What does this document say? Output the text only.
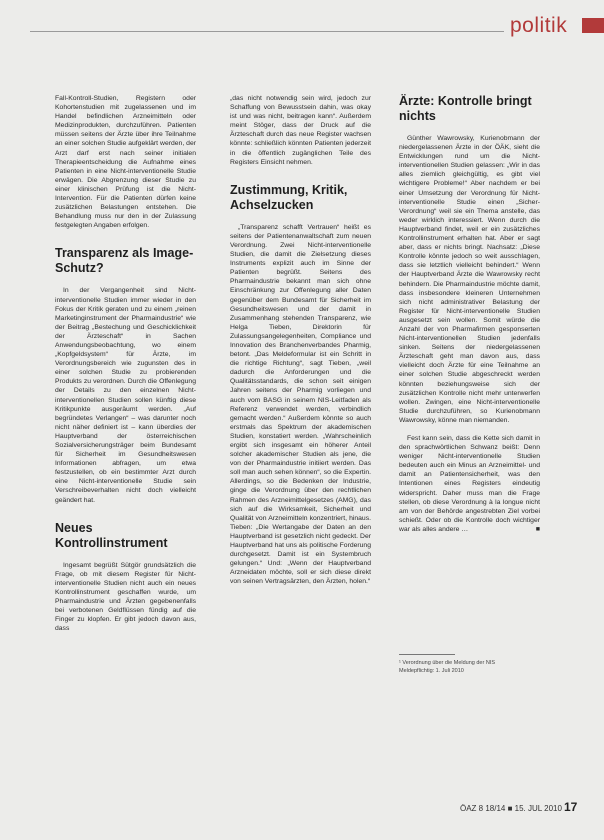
politik

Fall-Kontroll-Studien, Registern oder Kohortenstudien mit zugelassenen und im Handel befindlichen Arzneimitteln oder Medizinprodukten, durchzuführen. Patienten müssen seitens der Ärzte über ihre Teilnahme an einer solchen Studie aufgeklärt werden, der Arzt darf erst nach seiner initialen Therapieentscheidung die Aufnahme eines Patienten in eine Nicht-interventionelle Studie erwägen. Die Abgrenzung dieser Studie zu einer klinischen Prüfung ist die Nicht-Intervention. Für die Patienten dürfen keine zusätzlichen Belastungen entstehen. Die Behandlung muss nur den in der Zulassung festgelegten Angaben erfolgen.

Transparenz als Image-Schutz?

In der Vergangenheit sind Nicht-interventionelle Studien immer wieder in den Fokus der Kritik geraten und zu einem „reinen Marketinginstrument der Pharmaindustrie“ wie der Beitrag „Bestechung und Geschicklichkeit der Ärzteschaft“ in Sachen Anwendungsbeobachtung, wo einem „Kopfgeldsystem“ für Ärzte, im Verordnungsbereich wie zugunsten des in einer solchen Studie zu probierenden Produkts zu verordnen. Durch die Offenlegung der Details zu den einzelnen Nicht-interventionellen Studien sollen künftig diese Kritikpunkte ausgeräumt werden. „Auf begründetes Verlangen“ – was darunter noch nicht näher definiert ist – kann überdies der Hauptverband der österreichischen Sozialversicherungsträger beim Bundesamt für Sicherheit im Gesundheitswesen Informationen abfragen, um etwa festzustellen, ob ein bestimmter Arzt durch eine Nicht-interventionelle Studie sein Verschreibeverhalten nicht doch vielleicht geändert hat.

Neues Kontrollinstrument

Ingesamt begrüßt Sütgör grundsätzlich die Frage, ob mit diesem Register für Nicht-interventionelle Studien nicht auch ein neues Kontrollinstrument geschaffen wurde, um Pharmaindustrie und Ärzten gegebenenfalls bei verbotenen Geldflüssen fündig auf die Finger zu klopfen. Er gibt jedoch davon aus, dass

„das nicht notwendig sein wird, jedoch zur Schaffung von Bewusstsein dahin, was okay ist und was nicht, beitragen kann“. Außerdem meint Stöger, dass der Druck auf die Ärzteschaft durch das neue Register wachsen könnte: schließlich könnten Patienten jederzeit in die öffentlich zugänglichen Teile des Registers Einsicht nehmen.

Zustimmung, Kritik, Achselzucken

„Transparenz schafft Vertrauen“ heißt es seitens der Patientenanwaltschaft zum neuen Verordnung. Zwei Nicht-interventionelle Studien, die damit die Zielsetzung dieses Instruments explizit auch im Sinne der Patienten begrüßt. Seitens des Pharmaindustrie bekannt man sich ohne Einschränkung zur Offenlegung aller Daten gegenüber dem Bundesamt für Sicherheit im Gesundheitswesen und der damit in Zusammenhang stehenden Transparenz, wie Helga Tieben, Direktorin für Zulassungsangelegenheiten, Compliance und Innovation des Branchenverbandes Pharmig, betont. „Das Meldeformular ist ein Schritt in die richtige Richtung“, sagt Tieben, „weil dadurch die Anforderungen und die Qualitätsstandards, die schon seit einigen Jahren seitens der Pharmig vorliegen und auch vom BASG in seinem NIS-Leitfaden als Referenz verwendet werden, verbindlich gemacht werden.“ Außerdem könnte so auch erstmals das Spektrum der akademischen Studien, konstatiert werden. „Wahrscheinlich ergibt sich insgesamt ein höherer Anteil solcher akademischer Studien als jene, die von der Pharmaindustrie initiiert werden. Das soll man auch sehen können“, so die Expertin. Allerdings, so die Bedenken der Industrie, ginge die Verordnung über den rechtlichen Rahmen des Arzneimittelgesetzes (AMG), das sich auf die Wirksamkeit, Sicherheit und Qualität von Arzneimitteln konzentriert, hinaus. Tieben: „Die Wertangabe der Daten an den Hauptverband ist gesetzlich nicht gedeckt. Der Hauptverband hat uns als politische Forderung durchgesetzt. Damit ist ein Systembruch gelungen.“ Und: „Wenn der Hauptverband Arzneidaten möchte, soll er sich diese direkt von seinen Vertragsärzten, den Ärzten, holen.“

Ärzte: Kontrolle bringt nichts

Günther Wawrowsky, Kurienobmann der niedergelassenen Ärzte in der ÖÄK, sieht die Entwicklungen rund um die Nicht-interventionellen Studien gelassen: „Wir in das alles ziemlich gleichgültig, es gibt viel wichtigere Probleme!“ Aber nachdem er bei einer Umsetzung der Verordnung für Nicht-interventionelle Studie einen „Sicher-Verordnung“ weil sie ein Thema anstelle, das weder wirklich interessiert. Wenn durch die Hauptverband findet, weil er ein zusätzliches Kontrollinstrument erhalten hat. Aber er sagt aber, dass er nichts bringt. Nachsatz: „Diese Kontrolle könnte jedoch so weit ausschlagen, dass sie letztlich vielleicht behindert.“ Wenn der Hauptverband Ärzte die Wawrowsky recht behindern. Die Pharmaindustrie möchte damit, dass insbesondere kleineren Unternehmen sich nicht administrativer Belastung der Register für Nicht-interventionelle Studien ausgesetzt sein wollen. Somit würde die Anzahl der von Pharmafirmen gesponserten Nicht-interventionellen Studien jedenfalls sinken. Seitens der niedergelassenen Ärzteschaft geht man davon aus, dass vielleicht doch Ärzte für eine Teilnahme an einer solchen Studie abgeschreckt werden könnten beziehungsweise sich der zusätzlichen Kontrolle nicht mehr unterwerfen wollen. Zwingen, eine Nicht-interventionelle Studie durchzuführen, so Kurienobmann Wawrowsky, könne man niemanden.

Fest kann sein, dass die Kette sich damit in den sprachwörtlichen Schwanz beißt: Denn weniger Nicht-interventionelle Studien bedeuten auch ein Minus an Arzneimittel- und damit an Patientensicherheit, was den Intentionen eines Registers eindeutig widerspricht. Daher muss man die Frage stellen, ob diese Verordnung à la longue nicht am von der Behörde angestrebten Ziel vorbei schießt. Oder ob die Kontrolle doch wichtiger war als alles andere …	■

¹ Verordnung über die Meldung der NIS
Meldepflichtig: 1. Juli 2010
ÖAZ 8 18/14 ■ 15. JUL 2010 17
